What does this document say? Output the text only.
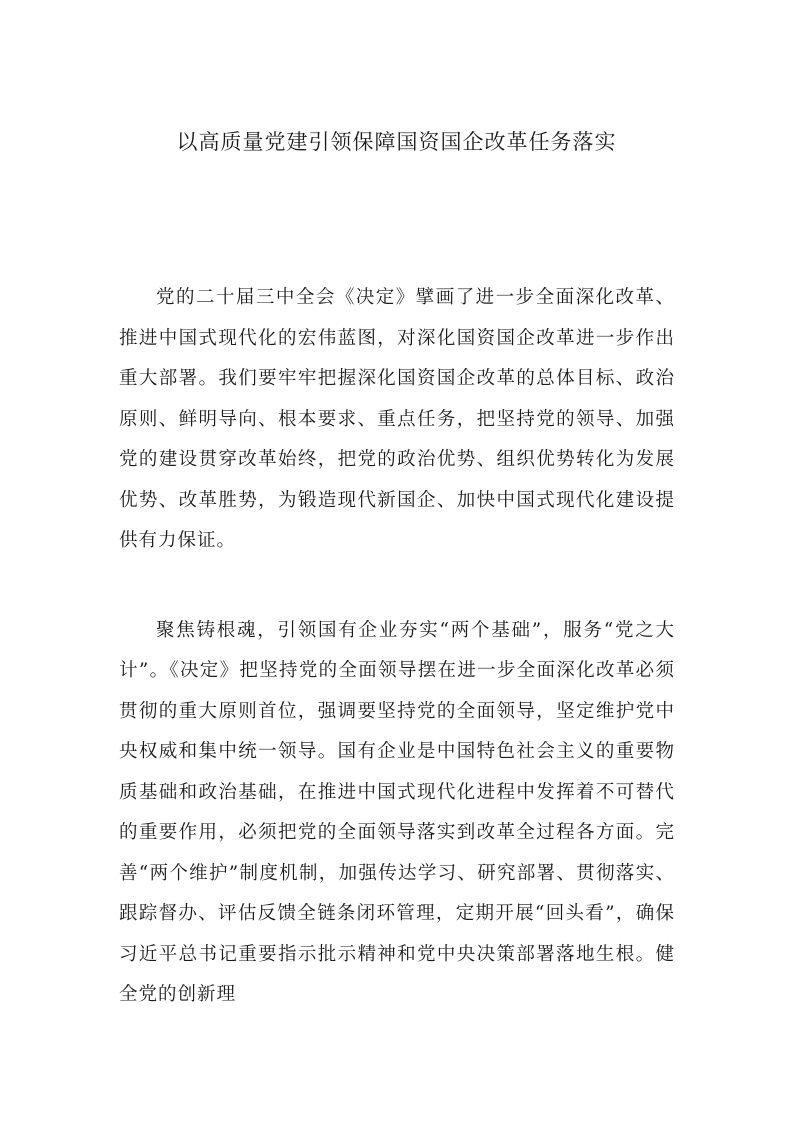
以高质量党建引领保障国资国企改革任务落实

党的二十届三中全会《决定》擘画了进一步全面深化改革、推进中国式现代化的宏伟蓝图，对深化国资国企改革进一步作出重大部署。我们要牢牢把握深化国资国企改革的总体目标、政治原则、鲜明导向、根本要求、重点任务，把坚持党的领导、加强党的建设贯穿改革始终，把党的政治优势、组织优势转化为发展优势、改革胜势，为锻造现代新国企、加快中国式现代化建设提供有力保证。

聚焦铸根魂，引领国有企业夯实“两个基础”，服务“党之大计”。《决定》把坚持党的全面领导摆在进一步全面深化改革必须贯彻的重大原则首位，强调要坚持党的全面领导，坚定维护党中央权威和集中统一领导。国有企业是中国特色社会主义的重要物质基础和政治基础，在推进中国式现代化进程中发挥着不可替代的重要作用，必须把党的全面领导落实到改革全过程各方面。完善“两个维护”制度机制，加强传达学习、研究部署、贯彻落实、跟踪督办、评估反馈全链条闭环管理，定期开展“回头看”，确保习近平总书记重要指示批示精神和党中央决策部署落地生根。健全党的创新理
